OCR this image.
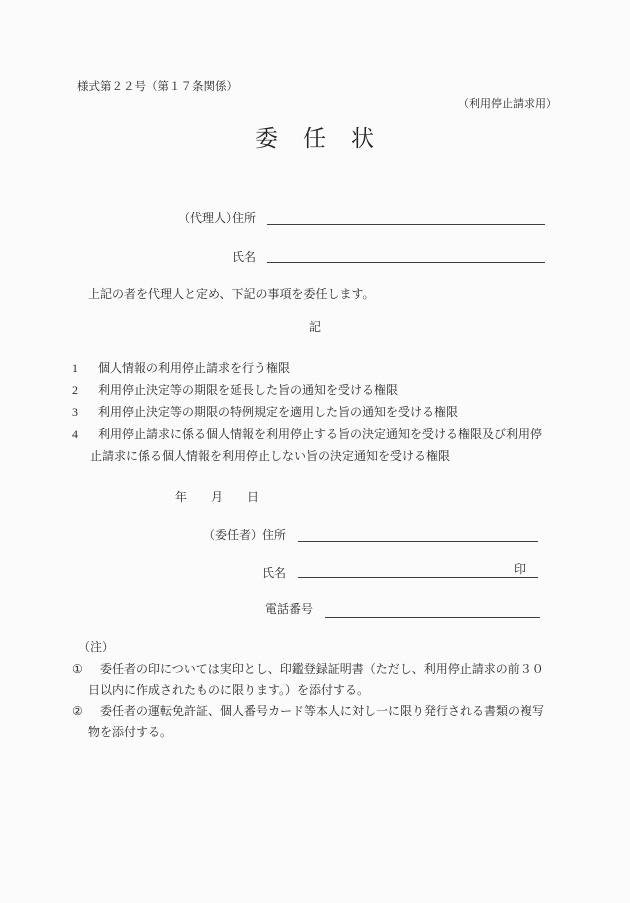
様式第２２号（第１７条関係）
（利用停止請求用）
委　任　状
（代理人）
住所
氏名
上記の者を代理人と定め、下記の事項を委任します。
記
1 個人情報の利用停止請求を行う権限
2 利用停止決定等の期限を延長した旨の通知を受ける権限
3 利用停止決定等の期限の特例規定を適用した旨の通知を受ける権限
4 利用停止請求に係る個人情報を利用停止する旨の決定通知を受ける権限及び利用停止請求に係る個人情報を利用停止しない旨の決定通知を受ける権限
年　　月　　日
（委任者）
住所
氏名	印
電話番号
（注）
① 委任者の印については実印とし、印鑑登録証明書（ただし、利用停止請求の前３０日以内に作成されたものに限ります。）を添付する。
② 委任者の運転免許証、個人番号カード等本人に対し一に限り発行される書類の複写物を添付する。
